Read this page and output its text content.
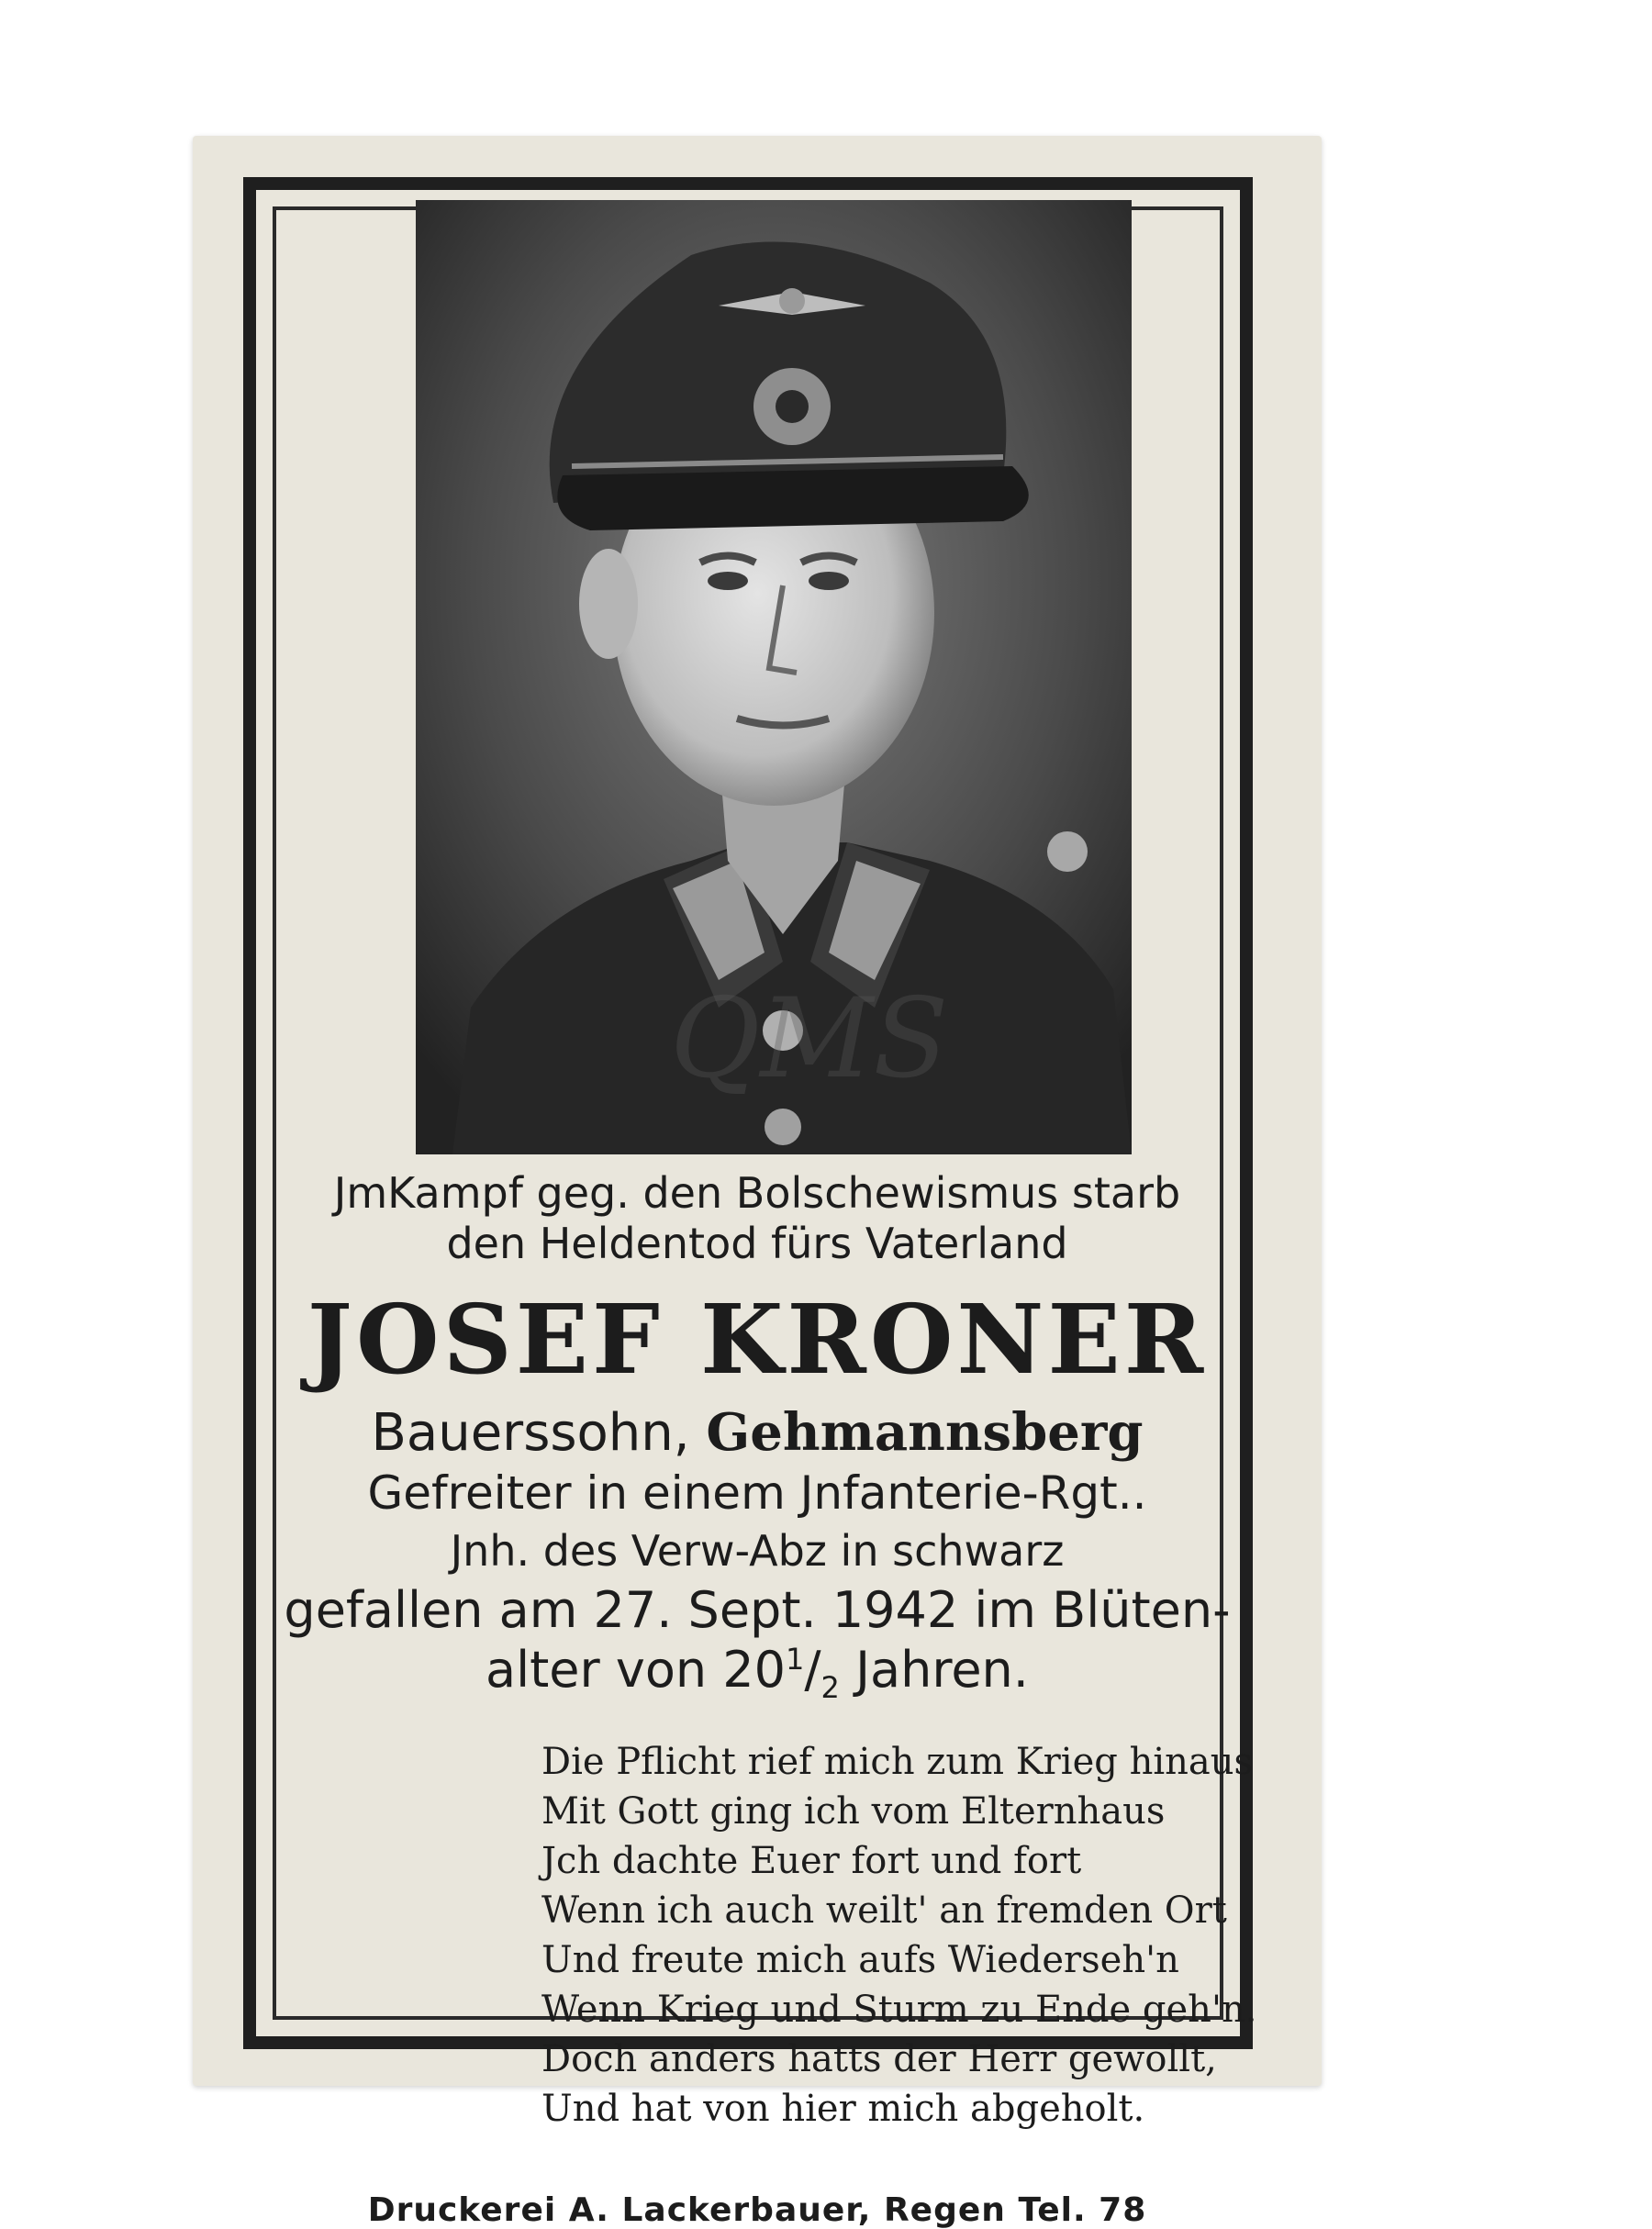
QMS
JmKampf geg. den Bolschewismus starb
den Heldentod fürs Vaterland
JOSEF KRONER
Bauerssohn, Gehmannsberg
Gefreiter in einem Jnfanterie-Rgt..
Jnh. des Verw-Abz in schwarz
gefallen am 27. Sept. 1942 im Blüten-
alter von $20^1/_2$ Jahren.
Die Pflicht rief mich zum Krieg hinaus
Mit Gott ging ich vom Elternhaus
Jch dachte Euer fort und fort
Wenn ich auch weilt' an fremden Ort
Und freute mich aufs Wiederseh'n
Wenn Krieg und Sturm zu Ende geh'n.
Doch anders hatts der Herr gewollt,
Und hat von hier mich abgeholt.
Druckerei A. Lackerbauer, Regen Tel. 78
